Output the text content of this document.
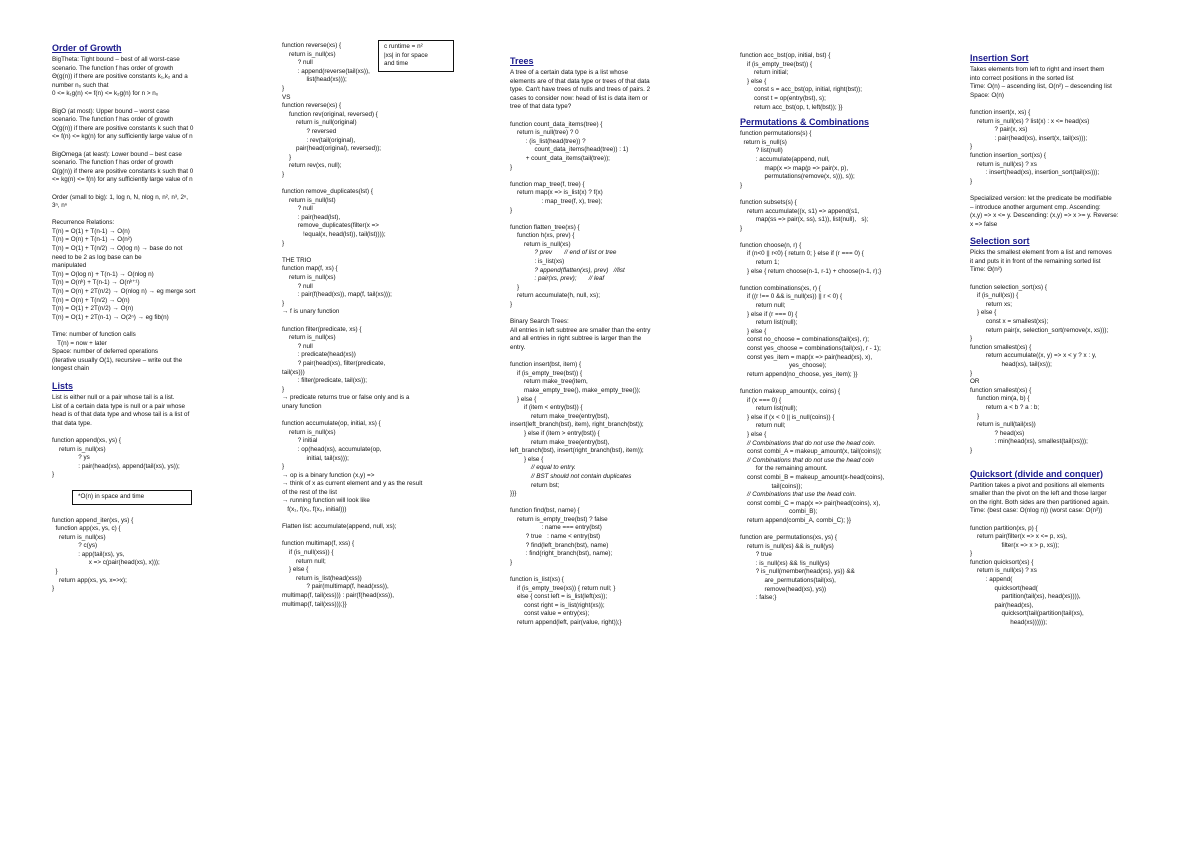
Order of Growth

BigTheta: Tight bound – best of all worst-case

scenario. The function f has order of growth

Θ(g(n)) if there are positive constants k₁,k₂ and a

number n₀ such that

0 <= k₁g(n) <= f(n) <= k₂g(n) for n > n₀

BigO (at most): Upper bound – worst case

scenario. The function f has order of growth

O(g(n)) if there are positive constants k such that 0

<= f(n) <= kg(n) for any sufficiently large value of n

BigOmega (at least): Lower bound – best case

scenario. The function f has order of growth

Ω(g(n)) if there are positive constants k such that 0

<= kg(n) <= f(n) for any sufficiently large value of n

Order (small to big): 1, log n, N, nlog n, n², n³, 2ⁿ,

3ⁿ, nⁿ

Recurrence Relations:

T(n) = O(1) + T(n-1) → O(n)

T(n) = O(n) + T(n-1) → O(n²)

T(n) = O(1) + T(n/2) → O(log n) → base do not

need to be 2 as log base can be

manipulated

T(n) = O(log n) + T(n-1) → O(nlog n)

T(n) = O(nᵏ) + T(n-1) → O(nᵏ⁺¹)

T(n) = O(n) + 2T(n/2) → O(nlog n) → eg merge sort

T(n) = O(n) + T(n/2) → O(n)

T(n) = O(1) + 2T(n/2) → O(n)

T(n) = O(1) + 2T(n-1) → O(2ⁿ) → eg fib(n)

Time: number of function calls

T(n) = now + later

Space: number of deferred operations

(iterative usually O(1), recursive – write out the

longest chain

Lists

List is either null or a pair whose tail is a list.

List of a certain data type is null or a pair whose

head is of that data type and whose tail is a list of

that data type.

function append(xs, ys) {

return is_null(xs)

? ys

: pair(head(xs), append(tail(xs), ys));

}

*O(n) in space and time

function append_iter(xs, ys) {

function app(xs, ys, c) {

return is_null(xs)

? c(ys)

: app(tail(xs), ys,

x => c(pair(head(xs), x)));

}

return app(xs, ys, x=>x);

}

function reverse(xs) {

return is_null(xs)

? null

: append(reverse(tail(xs)),

list(head(xs)));

}

VS

function reverse(xs) {

function rev(original, reversed) {

return is_null(original)

? reversed

: rev(tail(original),

pair(head(original), reversed));

}

return rev(xs, null);

}

function remove_duplicates(lst) {

return is_null(lst)

? null

: pair(head(lst),

remove_duplicates(filter(x =>

!equal(x, head(lst)), tail(lst))));

}

THE TRIO

function map(f, xs) {

return is_null(xs)

? null

: pair(f(head(xs)), map(f, tail(xs)));

}

→ f is unary function

function filter(predicate, xs) {

return is_null(xs)

? null

: predicate(head(xs))

? pair(head(xs), filter(predicate,

tail(xs)))

: filter(predicate, tail(xs));

}

→ predicate returns true or false only and is a

unary function

function accumulate(op, initial, xs) {

return is_null(xs)

? initial

: op(head(xs), accumulate(op,

initial, tail(xs)));

}

→ op is a binary function (x,y) =>

→ think of x as current element and y as the result

of the rest of the list

→ running function will look like

f(x₁, f(x₂, f(x₃, initial)))

Flatten list: accumulate(append, null, xs);

function multimap(f, xss) {

if (is_null(xss)) {

return null;

} else {

return is_list(head(xss))

? pair(multimap(f, head(xss)),

multimap(f, tail(xss))) : pair(f(head(xss)),

multimap(f, tail(xss)));}}

c runtime = n²

|xs| in for space

and time	Trees

A tree of a certain data type is a list whose

elements are of that data type or trees of that data

type. Can't have trees of nulls and trees of pairs. 2

cases to consider now: head of list is data item or

tree of that data type?

function count_data_items(tree) {

return is_null(tree) ? 0

: (is_list(head(tree)) ?

count_data_items(head(tree)) : 1)

+ count_data_items(tail(tree));

}

function map_tree(f, tree) {

return map(x => is_list(x) ? f(x)

: map_tree(f, x), tree);

}

function flatten_tree(xs) {

function h(xs, prev) {

return is_null(xs)

? prev       // end of list or tree

: is_list(xs)

? append(flatten(xs), prev)   //list

: pair(xs, prev);       // leaf

}

return accumulate(h, null, xs);

}

Binary Search Trees:

All entries in left subtree are smaller than the entry

and all entries in right subtree is larger than the

entry.

function insert(bst, item) {

if (is_empty_tree(bst)) {

return make_tree(item,

make_empty_tree(), make_empty_tree());

} else {

if (item < entry(bst)) {

return make_tree(entry(bst),

insert(left_branch(bst), item), right_branch(bst));

} else if (item > entry(bst)) {

return make_tree(entry(bst),

left_branch(bst), insert(right_branch(bst), item));

} else {

// equal to entry.

// BST should not contain duplicates

return bst;

}}}

function find(bst, name) {

return is_empty_tree(bst) ? false

: name === entry(bst)

? true   : name < entry(bst)

? find(left_branch(bst), name)

: find(right_branch(bst), name);

}

function is_list(xs) {

if (is_empty_tree(xs)) { return null; }

else { const left = is_list(left(xs));

const right = is_list(right(xs));

const value = entry(xs);

return append(left, pair(value, right));}

function acc_bst(op, initial, bst) {

if (is_empty_tree(bst)) {

return initial;

} else {

const s = acc_bst(op, initial, right(bst));

const t = op(entry(bst), s);

return acc_bst(op, t, left(bst)); }}

Permutations & Combinations

function permutations(s) {

return is_null(s)

? list(null)

: accumulate(append, null,

map(x => map(p => pair(x, p),

permutations(remove(x, s))), s));

}

function subsets(s) {

return accumulate((x, s1) => append(s1,

map(ss => pair(x, ss), s1)), list(null),   s);

}

function choose(n, r) {

if (n<0 || r<0) { return 0; } else if (r === 0) {

return 1;

} else { return choose(n-1, r-1) + choose(n-1, r);}

function combinations(xs, r) {

if ((r !== 0 && is_null(xs)) || r < 0) {

return null;

} else if (r === 0) {

return list(null);

} else {

const no_choose = combinations(tail(xs), r);

const yes_choose = combinations(tail(xs), r - 1);

const yes_item = map(x => pair(head(xs), x),

yes_choose);

return append(no_choose, yes_item); }}

function makeup_amount(x, coins) {

if (x === 0) {

return list(null);

} else if (x < 0 || is_null(coins)) {

return null;

} else {

// Combinations that do not use the head coin.

const combi_A = makeup_amount(x, tail(coins));

// Combinations that do not use the head coin

for the remaining amount.

const combi_B = makeup_amount(x-head(coins),

tail(coins));

// Combinations that use the head coin.

const combi_C = map(x => pair(head(coins), x),

combi_B);

return append(combi_A, combi_C); }}

function are_permutations(xs, ys) {

return is_null(xs) && is_null(ys)

? true

: is_null(xs) && !is_null(ys)

? is_null(member(head(xs), ys)) &&

are_permutations(tail(xs),

remove(head(xs), ys))

: false;}

Insertion Sort

Takes elements from left to right and insert them

into correct positions in the sorted list

Time: O(n) – ascending list, O(n²) – descending list

Space: O(n)

function insert(x, xs) {

return is_null(xs) ? list(x) : x <= head(xs)

? pair(x, xs)

: pair(head(xs), insert(x, tail(xs)));

}

function insertion_sort(xs) {

return is_null(xs) ? xs

: insert(head(xs), insertion_sort(tail(xs)));

}

Specialized version: let the predicate be modifiable

– introduce another argument cmp. Ascending:

(x,y) => x <= y. Descending: (x,y) => x >= y. Reverse:

x => false

Selection sort

Picks the smallest element from a list and removes

it and puts it in front of the remaining sorted list

Time: Θ(n²)

function selection_sort(xs) {

if (is_null(xs)) {

return xs;

} else {

const x = smallest(xs);

return pair(x, selection_sort(remove(x, xs)));

}

function smallest(xs) {

return accumulate((x, y) => x < y ? x : y,

head(xs), tail(xs));

}

OR

function smallest(xs) {

function min(a, b) {

return a < b ? a : b;

}

return is_null(tail(xs))

? head(xs)

: min(head(xs), smallest(tail(xs)));

}

Quicksort (divide and conquer)

Partition takes a pivot and positions all elements

smaller than the pivot on the left and those larger

on the right. Both sides are then partitioned again.

Time: (best case: O(nlog n)) (worst case: O(n²))

function partition(xs, p) {

return pair(filter(x => x <= p, xs),

filter(x => x > p, xs));

}

function quicksort(xs) {

return is_null(xs) ? xs

: append(

quicksort(head(

partition(tail(xs), head(xs)))),

pair(head(xs),

quicksort(tail(partition(tail(xs),

head(xs))))));
